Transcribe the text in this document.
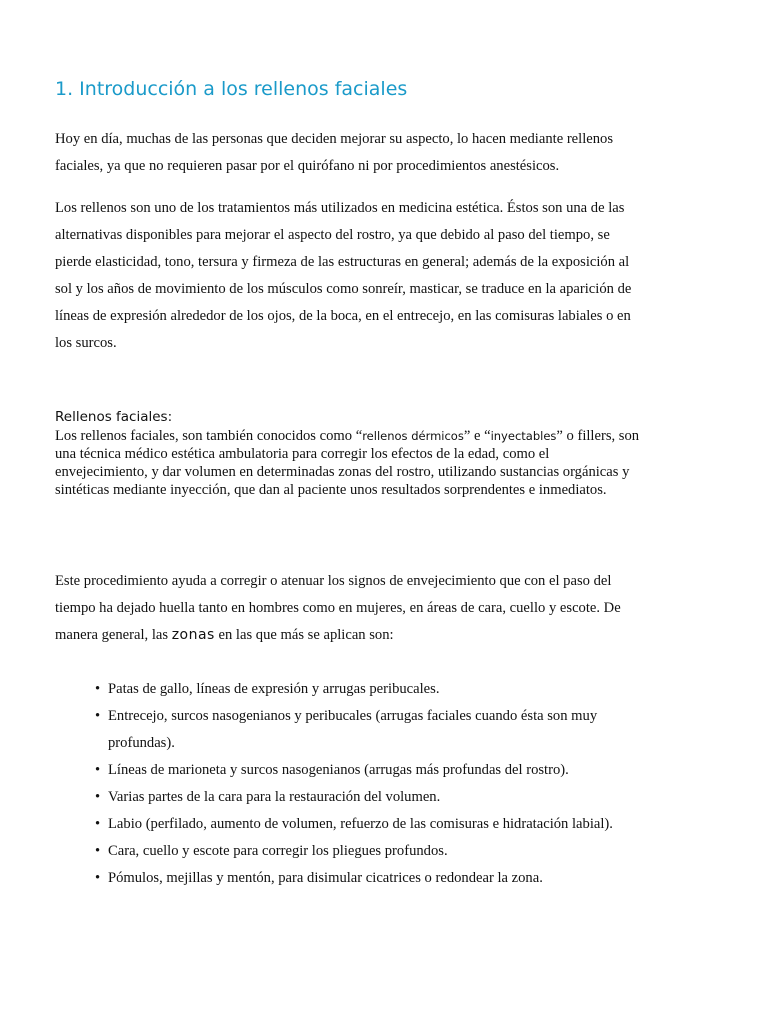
1. Introducción a los rellenos faciales

Hoy en día, muchas de las personas que deciden mejorar su aspecto, lo hacen mediante rellenos
faciales, ya que no requieren pasar por el quirófano ni por procedimientos anestésicos.

Los rellenos son uno de los tratamientos más utilizados en medicina estética. Éstos son una de las
alternativas disponibles para mejorar el aspecto del rostro, ya que debido al paso del tiempo, se
pierde elasticidad, tono, tersura y firmeza de las estructuras en general; además de la exposición al
sol y los años de movimiento de los músculos como sonreír, masticar, se traduce en la aparición de
líneas de expresión alrededor de los ojos, de la boca, en el entrecejo, en las comisuras labiales o en
los surcos.

Rellenos faciales:

Los rellenos faciales, son también conocidos como “rellenos dérmicos” e “inyectables” o fillers, son
una técnica médico estética ambulatoria para corregir los efectos de la edad, como el
envejecimiento, y dar volumen en determinadas zonas del rostro, utilizando sustancias orgánicas y
sintéticas mediante inyección, que dan al paciente unos resultados sorprendentes e inmediatos.

Este procedimiento ayuda a corregir o atenuar los signos de envejecimiento que con el paso del
tiempo ha dejado huella tanto en hombres como en mujeres, en áreas de cara, cuello y escote. De
manera general, las zonas en las que más se aplican son:

• Patas de gallo, líneas de expresión y arrugas peribucales.
• Entrecejo, surcos nasogenianos y peribucales (arrugas faciales cuando ésta son muy
profundas).
• Líneas de marioneta y surcos nasogenianos (arrugas más profundas del rostro).
• Varias partes de la cara para la restauración del volumen.
• Labio (perfilado, aumento de volumen, refuerzo de las comisuras e hidratación labial).
• Cara, cuello y escote para corregir los pliegues profundos.
• Pómulos, mejillas y mentón, para disimular cicatrices o redondear la zona.
